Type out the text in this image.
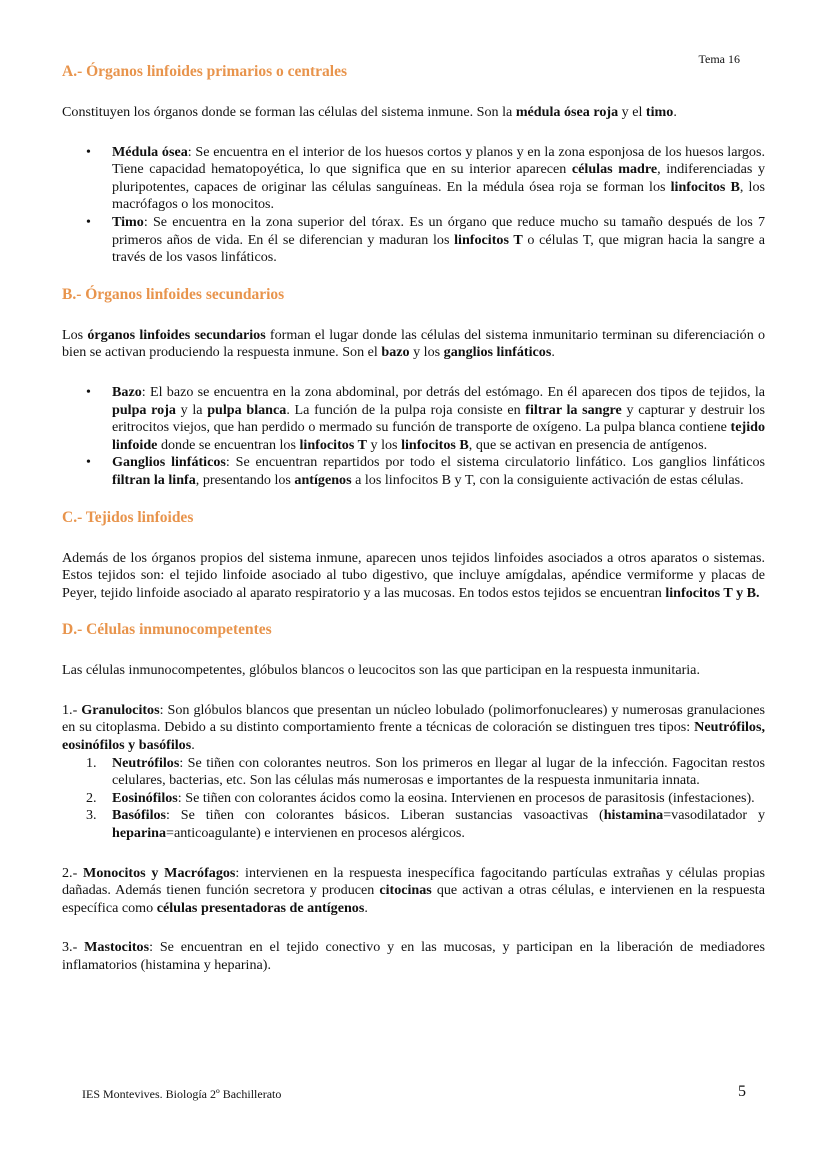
Tema 16
A.- Órganos linfoides primarios o centrales

Constituyen los órganos donde se forman las células del sistema inmune. Son la médula ósea roja y el timo.

• Médula ósea: Se encuentra en el interior de los huesos cortos y planos y en la zona esponjosa de los huesos largos. Tiene capacidad hematopoyética, lo que significa que en su interior aparecen células madre, indiferenciadas y pluripotentes, capaces de originar las células sanguíneas. En la médula ósea roja se forman los linfocitos B, los macrófagos o los monocitos.
• Timo: Se encuentra en la zona superior del tórax. Es un órgano que reduce mucho su tamaño después de los 7 primeros años de vida. En él se diferencian y maduran los linfocitos T o células T, que migran hacia la sangre a través de los vasos linfáticos.
B.- Órganos linfoides secundarios

Los órganos linfoides secundarios forman el lugar donde las células del sistema inmunitario terminan su diferenciación o bien se activan produciendo la respuesta inmune. Son el bazo y los ganglios linfáticos.

• Bazo: El bazo se encuentra en la zona abdominal, por detrás del estómago. En él aparecen dos tipos de tejidos, la pulpa roja y la pulpa blanca. La función de la pulpa roja consiste en filtrar la sangre y capturar y destruir los eritrocitos viejos, que han perdido o mermado su función de transporte de oxígeno. La pulpa blanca contiene tejido linfoide donde se encuentran los linfocitos T y los linfocitos B, que se activan en presencia de antígenos.
• Ganglios linfáticos: Se encuentran repartidos por todo el sistema circulatorio linfático. Los ganglios linfáticos filtran la linfa, presentando los antígenos a los linfocitos B y T, con la consiguiente activación de estas células.
C.- Tejidos linfoides

Además de los órganos propios del sistema inmune, aparecen unos tejidos linfoides asociados a otros aparatos o sistemas. Estos tejidos son: el tejido linfoide asociado al tubo digestivo, que incluye amígdalas, apéndice vermiforme y placas de Peyer, tejido linfoide asociado al aparato respiratorio y a las mucosas. En todos estos tejidos se encuentran linfocitos T y B.

D.- Células inmunocompetentes

Las células inmunocompetentes, glóbulos blancos o leucocitos son las que participan en la respuesta inmunitaria.

1.- Granulocitos: Son glóbulos blancos que presentan un núcleo lobulado (polimorfonucleares) y numerosas granulaciones en su citoplasma. Debido a su distinto comportamiento frente a técnicas de coloración se distinguen tres tipos: Neutrófilos, eosinófilos y basófilos.

1. Neutrófilos: Se tiñen con colorantes neutros. Son los primeros en llegar al lugar de la infección. Fagocitan restos celulares, bacterias, etc. Son las células más numerosas e importantes de la respuesta inmunitaria innata.
2. Eosinófilos: Se tiñen con colorantes ácidos como la eosina. Intervienen en procesos de parasitosis (infestaciones).
3. Basófilos: Se tiñen con colorantes básicos. Liberan sustancias vasoactivas (histamina=vasodilatador y heparina=anticoagulante) e intervienen en procesos alérgicos.

2.- Monocitos y Macrófagos: intervienen en la respuesta inespecífica fagocitando partículas extrañas y células propias dañadas. Además tienen función secretora y producen citocinas que activan a otras células, e intervienen en la respuesta específica como células presentadoras de antígenos.

3.- Mastocitos: Se encuentran en el tejido conectivo y en las mucosas, y participan en la liberación de mediadores inflamatorios (histamina y heparina).

IES Montevives. Biología 2º Bachillerato	5
